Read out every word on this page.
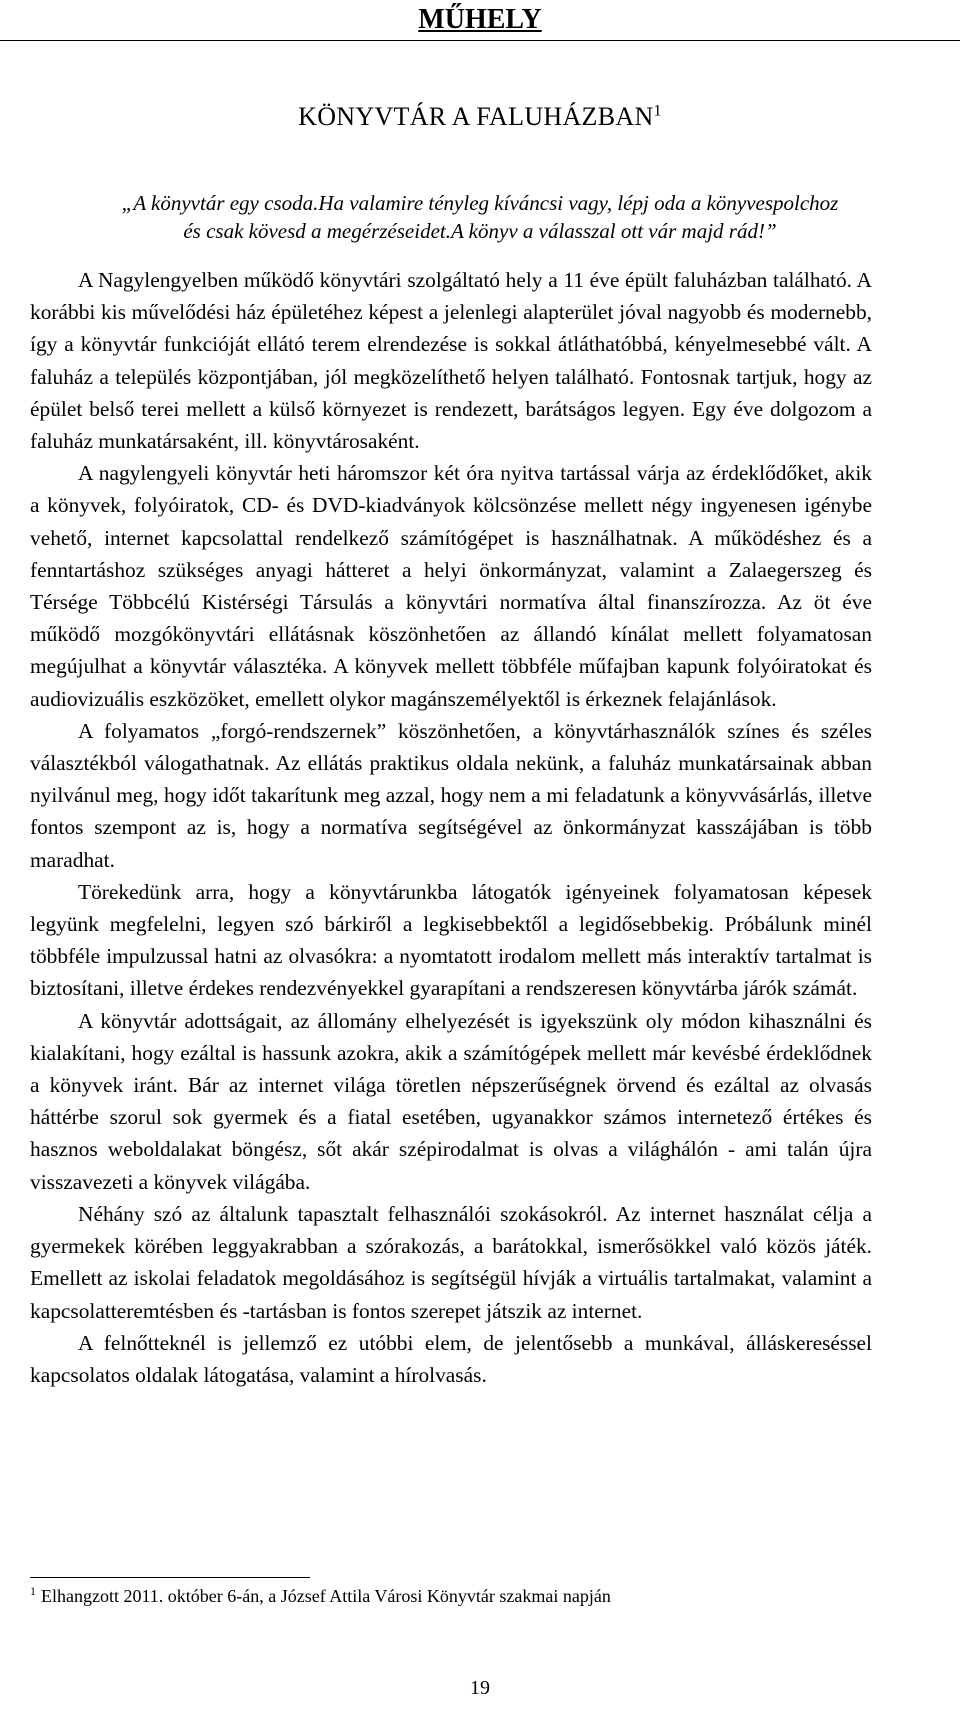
MŰHELY
KÖNYVTÁR A FALUHÁZBAN$^1$
„A könyvtár egy csoda.Ha valamire tényleg kíváncsi vagy, lépj oda a könyvespolchoz
és csak kövesd a megérzéseidet.A könyv a válasszal ott vár majd rád!”

A Nagylengyelben működő könyvtári szolgáltató hely a 11 éve épült faluházban található. A korábbi kis művelődési ház épületéhez képest a jelenlegi alapterület jóval nagyobb és modernebb, így a könyvtár funkcióját ellátó terem elrendezése is sokkal átláthatóbbá, kényelmesebbé vált. A faluház a település központjában, jól megközelíthető helyen található. Fontosnak tartjuk, hogy az épület belső terei mellett a külső környezet is rendezett, barátságos legyen. Egy éve dolgozom a faluház munkatársaként, ill. könyvtárosaként.

A nagylengyeli könyvtár heti háromszor két óra nyitva tartással várja az érdeklődőket, akik a könyvek, folyóiratok, CD- és DVD-kiadványok kölcsönzése mellett négy ingyenesen igénybe vehető, internet kapcsolattal rendelkező számítógépet is használhatnak. A működéshez és a fenntartáshoz szükséges anyagi hátteret a helyi önkormányzat, valamint a Zalaegerszeg és Térsége Többcélú Kistérségi Társulás a könyvtári normatíva által finanszírozza. Az öt éve működő mozgókönyvtári ellátásnak köszönhetően az állandó kínálat mellett folyamatosan megújulhat a könyvtár választéka. A könyvek mellett többféle műfajban kapunk folyóiratokat és audiovizuális eszközöket, emellett olykor magánszemélyektől is érkeznek felajánlások.

A folyamatos „forgó-rendszernek” köszönhetően, a könyvtárhasználók színes és széles választékból válogathatnak. Az ellátás praktikus oldala nekünk, a faluház munkatársainak abban nyilvánul meg, hogy időt takarítunk meg azzal, hogy nem a mi feladatunk a könyvvásárlás, illetve fontos szempont az is, hogy a normatíva segítségével az önkormányzat kasszájában is több maradhat.

Törekedünk arra, hogy a könyvtárunkba látogatók igényeinek folyamatosan képesek legyünk megfelelni, legyen szó bárkiről a legkisebbektől a legidősebbekig. Próbálunk minél többféle impulzussal hatni az olvasókra: a nyomtatott irodalom mellett más interaktív tartalmat is biztosítani, illetve érdekes rendezvényekkel gyarapítani a rendszeresen könyvtárba járók számát.

A könyvtár adottságait, az állomány elhelyezését is igyekszünk oly módon kihasználni és kialakítani, hogy ezáltal is hassunk azokra, akik a számítógépek mellett már kevésbé érdeklődnek a könyvek iránt. Bár az internet világa töretlen népszerűségnek örvend és ezáltal az olvasás háttérbe szorul sok gyermek és a fiatal esetében, ugyanakkor számos internetező értékes és hasznos weboldalakat böngész, sőt akár szépirodalmat is olvas a világhálón - ami talán újra visszavezeti a könyvek világába.

Néhány szó az általunk tapasztalt felhasználói szokásokról. Az internet használat célja a gyermekek körében leggyakrabban a szórakozás, a barátokkal, ismerősökkel való közös játék. Emellett az iskolai feladatok megoldásához is segítségül hívják a virtuális tartalmakat, valamint a kapcsolatteremtésben és -tartásban is fontos szerepet játszik az internet.

A felnőtteknél is jellemző ez utóbbi elem, de jelentősebb a munkával, álláskereséssel kapcsolatos oldalak látogatása, valamint a hírolvasás.

$^1$ Elhangzott 2011. október 6-án, a József Attila Városi Könyvtár szakmai napján
19
